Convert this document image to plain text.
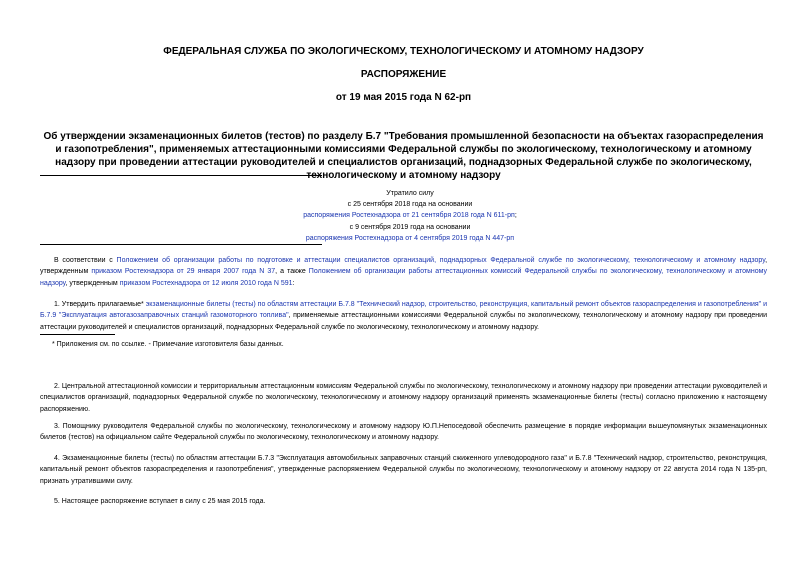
ФЕДЕРАЛЬНАЯ СЛУЖБА ПО ЭКОЛОГИЧЕСКОМУ, ТЕХНОЛОГИЧЕСКОМУ И АТОМНОМУ НАДЗОРУ
РАСПОРЯЖЕНИЕ
от 19 мая 2015 года N 62-рп
Об утверждении экзаменационных билетов (тестов) по разделу Б.7 "Требования промышленной безопасности на объектах газораспределения и газопотребления", применяемых аттестационными комиссиями Федеральной службы по экологическому, технологическому и атомному надзору при проведении аттестации руководителей и специалистов организаций, поднадзорных Федеральной службе по экологическому, технологическому и атомному надзору
Утратило силу
с 25 сентября 2018 года на основании
распоряжения Ростехнадзора от 21 сентября 2018 года N 611-рп;
с 9 сентября 2019 года на основании
распоряжения Ростехнадзора от 4 сентября 2019 года N 447-рп
В соответствии с Положением об организации работы по подготовке и аттестации специалистов организаций, поднадзорных Федеральной службе по экологическому, технологическому и атомному надзору, утвержденным приказом Ростехнадзора от 29 января 2007 года N 37, а также Положением об организации работы аттестационных комиссий Федеральной службы по экологическому, технологическому и атомному надзору, утвержденным приказом Ростехнадзора от 12 июля 2010 года N 591:
1. Утвердить прилагаемые* экзаменационные билеты (тесты) по областям аттестации Б.7.8 "Технический надзор, строительство, реконструкция, капитальный ремонт объектов газораспределения и газопотребления" и Б.7.9 "Эксплуатация автогазозаправочных станций газомоторного топлива", применяемые аттестационными комиссиями Федеральной службы по экологическому, технологическому и атомному надзору при проведении аттестации руководителей и специалистов организаций, поднадзорных Федеральной службе по экологическому, технологическому и атомному надзору.
* Приложения см. по ссылке. - Примечание изготовителя базы данных.
2. Центральной аттестационной комиссии и территориальным аттестационным комиссиям Федеральной службы по экологическому, технологическому и атомному надзору при проведении аттестации руководителей и специалистов организаций, поднадзорных Федеральной службе по экологическому, технологическому и атомному надзору организаций применять экзаменационные билеты (тесты) согласно приложению к настоящему распоряжению.
3. Помощнику руководителя Федеральной службы по экологическому, технологическому и атомному надзору Ю.П.Непоседовой обеспечить размещение в порядке информации вышеупомянутых экзаменационных билетов (тестов) на официальном сайте Федеральной службы по экологическому, технологическому и атомному надзору.
4. Экзаменационные билеты (тесты) по областям аттестации Б.7.3 "Эксплуатация автомобильных заправочных станций сжиженного углеводородного газа" и Б.7.8 "Технический надзор, строительство, реконструкция, капитальный ремонт объектов газораспределения и газопотребления", утвержденные распоряжением Федеральной службы по экологическому, технологическому и атомному надзору от 22 августа 2014 года N 135-рп, признать утратившими силу.
5. Настоящее распоряжение вступает в силу с 25 мая 2015 года.
